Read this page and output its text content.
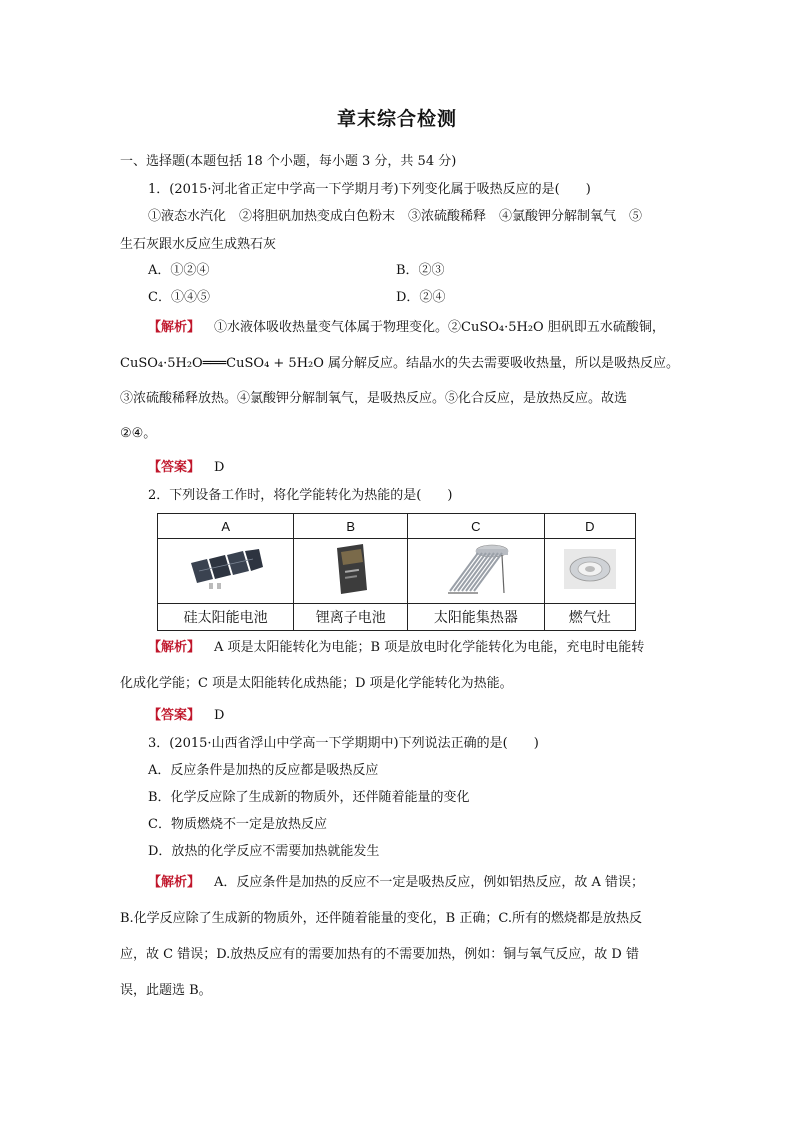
章末综合检测
一、选择题(本题包括 18 个小题，每小题 3 分，共 54 分)
1．(2015·河北省正定中学高一下学期月考)下列变化属于吸热反应的是(　　)
①液态水汽化　②将胆矾加热变成白色粉末　③浓硫酸稀释　④氯酸钾分解制氧气　⑤
生石灰跟水反应生成熟石灰
A．①②④	B．②③
C．①④⑤	D．②④
【解析】 ①水液体吸收热量变气体属于物理变化。②CuSO₄·5H₂O 胆矾即五水硫酸铜，
CuSO₄·5H₂O═══CuSO₄ + 5H₂O 属分解反应。结晶水的失去需要吸收热量，所以是吸热反应。
③浓硫酸稀释放热。④氯酸钾分解制氧气，是吸热反应。⑤化合反应，是放热反应。故选
②④。
【答案】 D
2．下列设备工作时，将化学能转化为热能的是(　　)
A	B	C	D

硅太阳能电池	锂离子电池	太阳能集热器	燃气灶
【解析】 A 项是太阳能转化为电能；B 项是放电时化学能转化为电能，充电时电能转
化成化学能；C 项是太阳能转化成热能；D 项是化学能转化为热能。
【答案】 D
3．(2015·山西省浮山中学高一下学期期中)下列说法正确的是(　　)
A．反应条件是加热的反应都是吸热反应
B．化学反应除了生成新的物质外，还伴随着能量的变化
C．物质燃烧不一定是放热反应
D．放热的化学反应不需要加热就能发生
【解析】 A．反应条件是加热的反应不一定是吸热反应，例如铝热反应，故 A 错误；
B.化学反应除了生成新的物质外，还伴随着能量的变化，B 正确；C.所有的燃烧都是放热反
应，故 C 错误；D.放热反应有的需要加热有的不需要加热，例如：铜与氧气反应，故 D 错
误，此题选 B。
